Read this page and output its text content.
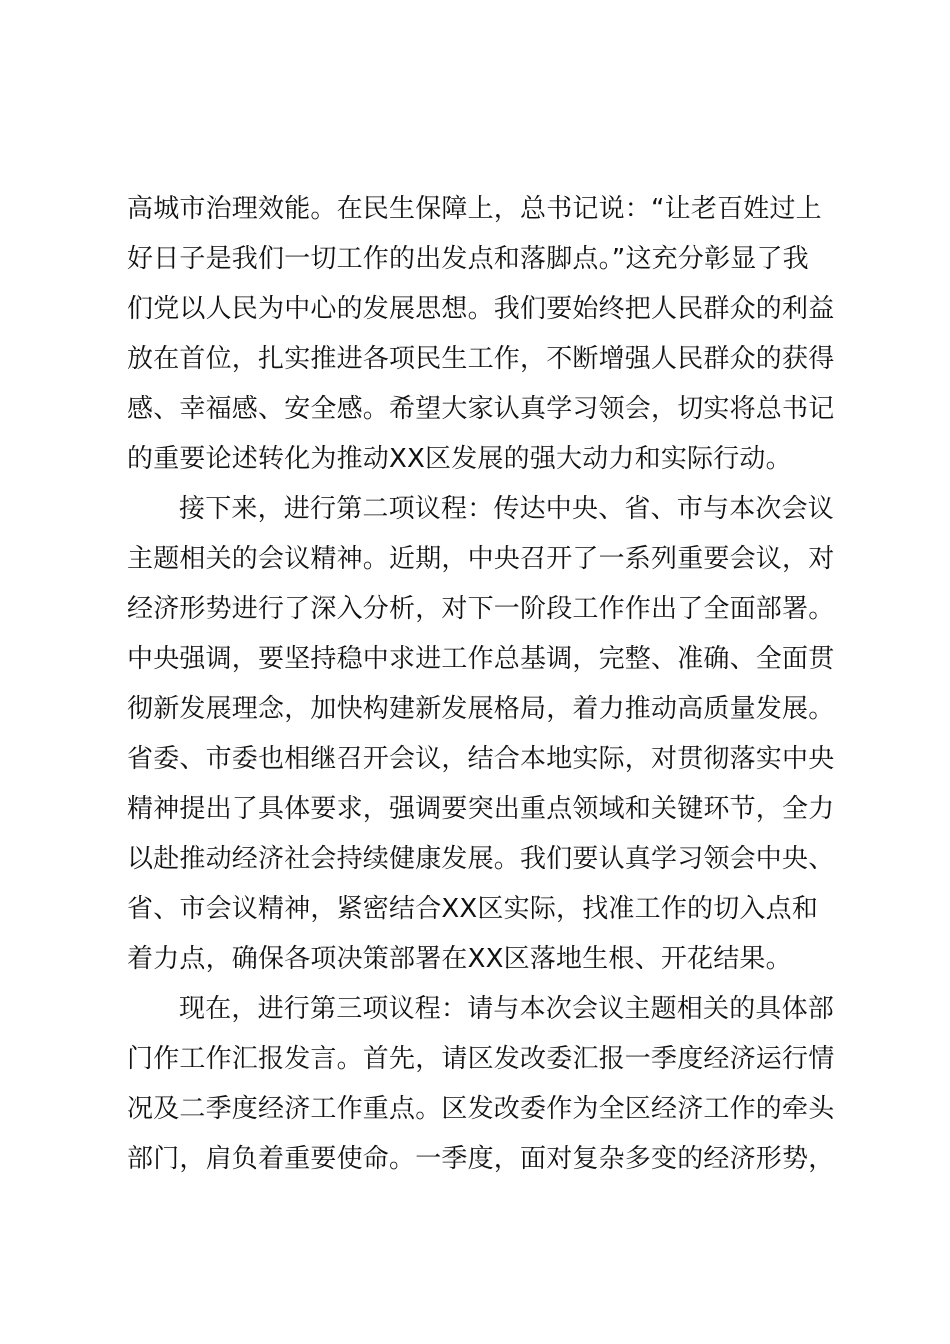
高城市治理效能。在民生保障上，总书记说：“让老百姓过上
好日子是我们一切工作的出发点和落脚点。”这充分彰显了我
们党以人民为中心的发展思想。我们要始终把人民群众的利益
放在首位，扎实推进各项民生工作，不断增强人民群众的获得
感、幸福感、安全感。希望大家认真学习领会，切实将总书记
的重要论述转化为推动XX区发展的强大动力和实际行动。
接下来，进行第二项议程：传达中央、省、市与本次会议
主题相关的会议精神。近期，中央召开了一系列重要会议，对
经济形势进行了深入分析，对下一阶段工作作出了全面部署。
中央强调，要坚持稳中求进工作总基调，完整、准确、全面贯
彻新发展理念，加快构建新发展格局，着力推动高质量发展。
省委、市委也相继召开会议，结合本地实际，对贯彻落实中央
精神提出了具体要求，强调要突出重点领域和关键环节，全力
以赴推动经济社会持续健康发展。我们要认真学习领会中央、
省、市会议精神，紧密结合XX区实际，找准工作的切入点和
着力点，确保各项决策部署在XX区落地生根、开花结果。
现在，进行第三项议程：请与本次会议主题相关的具体部
门作工作汇报发言。首先，请区发改委汇报一季度经济运行情
况及二季度经济工作重点。区发改委作为全区经济工作的牵头
部门，肩负着重要使命。一季度，面对复杂多变的经济形势，
